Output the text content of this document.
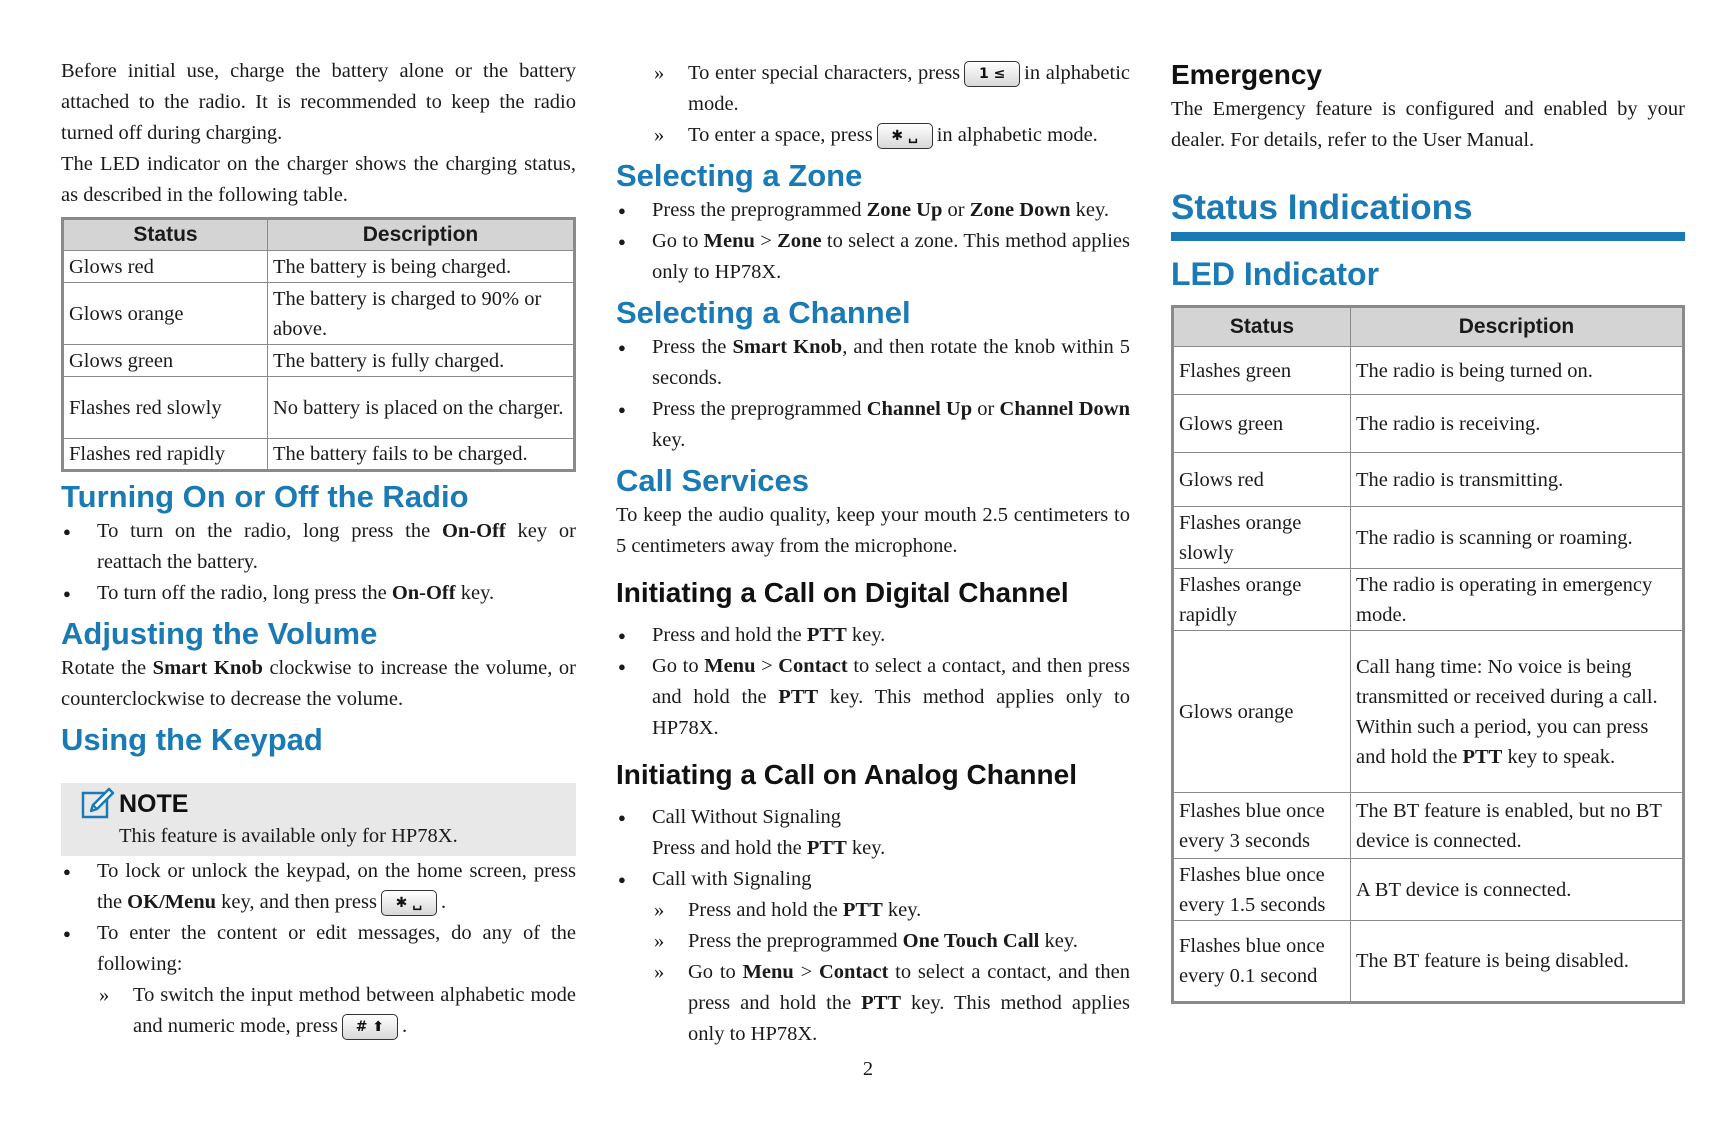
Before initial use, charge the battery alone or the battery attached to the radio. It is recommended to keep the radio turned off during charging.

The LED indicator on the charger shows the charging status, as described in the following table.

Status	Description
Glows red	The battery is being charged.
Glows orange	The battery is charged to 90% or above.
Glows green	The battery is fully charged.
Flashes red slowly	No battery is placed on the charger.
Flashes red rapidly	The battery fails to be charged.
Turning On or Off the Radio
● To turn on the radio, long press the On-Off key or reattach the battery.
● To turn off the radio, long press the On-Off key.
Adjusting the Volume

Rotate the Smart Knob clockwise to increase the volume, or counterclockwise to decrease the volume.

Using the Keypad
NOTE
This feature is available only for HP78X.
● To lock or unlock the keypad, on the home screen, press the OK/Menu key, and then press ✱ ␣ .
● To enter the content or edit messages, do any of the following:
» To switch the input method between alphabetic mode and numeric mode, press # ⬆ .
» To enter special characters, press 1 ≤ in alphabetic mode.
» To enter a space, press ✱ ␣ in alphabetic mode.
Selecting a Zone
● Press the preprogrammed Zone Up or Zone Down key.
● Go to Menu > Zone to select a zone. This method applies only to HP78X.
Selecting a Channel
● Press the Smart Knob, and then rotate the knob within 5 seconds.
● Press the preprogrammed Channel Up or Channel Down key.
Call Services

To keep the audio quality, keep your mouth 2.5 centimeters to 5 centimeters away from the microphone.

Initiating a Call on Digital Channel
● Press and hold the PTT key.
● Go to Menu > Contact to select a contact, and then press and hold the PTT key. This method applies only to HP78X.
Initiating a Call on Analog Channel
● Call Without Signaling
Press and hold the PTT key.
● Call with Signaling
» Press and hold the PTT key.
» Press the preprogrammed One Touch Call key.
» Go to Menu > Contact to select a contact, and then press and hold the PTT key. This method applies only to HP78X.
Emergency

The Emergency feature is configured and enabled by your dealer. For details, refer to the User Manual.

Status Indications
LED Indicator
Status	Description
Flashes green	The radio is being turned on.
Glows green	The radio is receiving.
Glows red	The radio is transmitting.
Flashes orange slowly	The radio is scanning or roaming.
Flashes orange rapidly	The radio is operating in emergency mode.
Glows orange	Call hang time: No voice is being transmitted or received during a call. Within such a period, you can press and hold the PTT key to speak.
Flashes blue once every 3 seconds	The BT feature is enabled, but no BT device is connected.
Flashes blue once every 1.5 seconds	A BT device is connected.
Flashes blue once every 0.1 second	The BT feature is being disabled.
2
